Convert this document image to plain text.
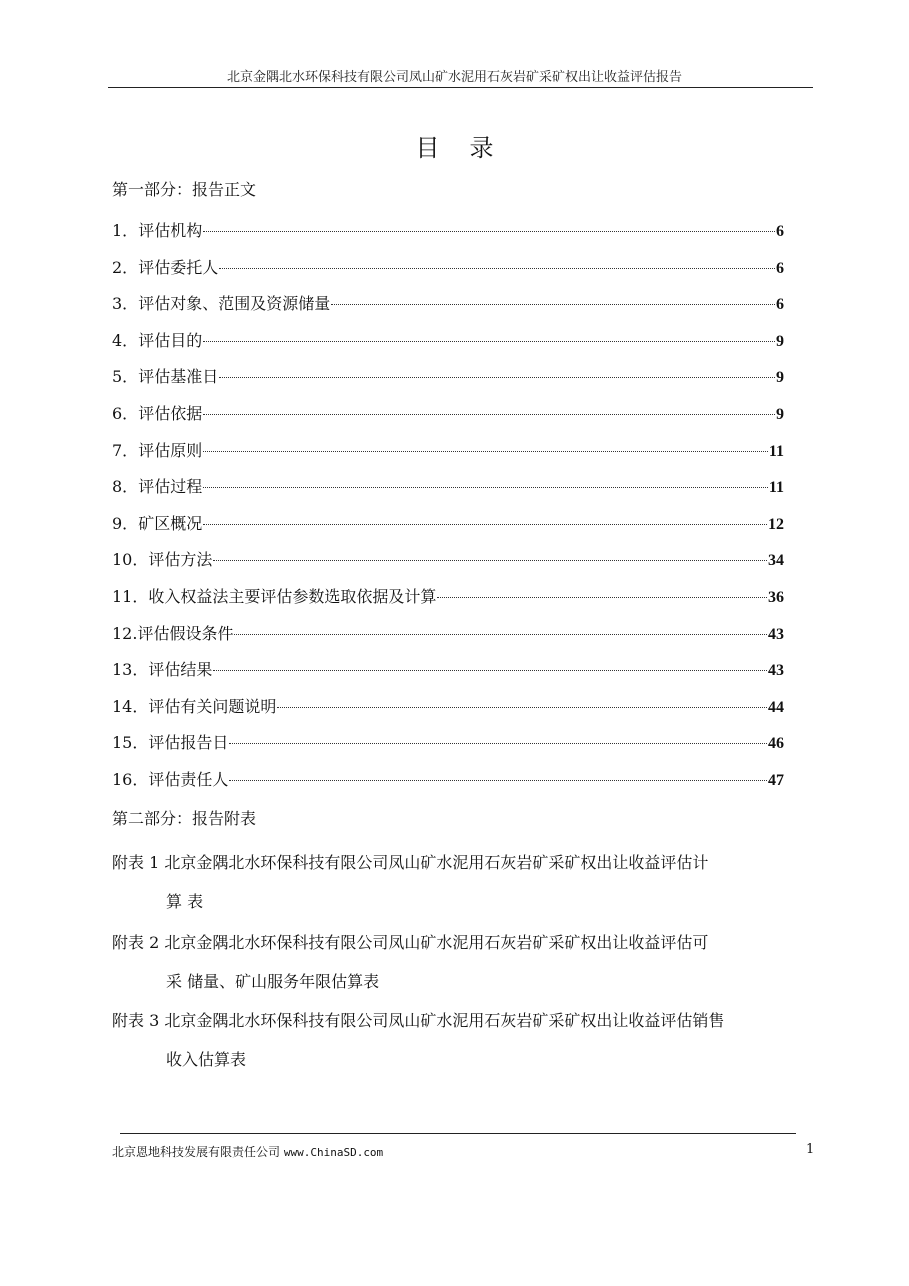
北京金隅北水环保科技有限公司凤山矿水泥用石灰岩矿采矿权出让收益评估报告
目录
第一部分：报告正文
1． 评估机构	6
2． 评估委托人	6
3． 评估对象、范围及资源储量	6
4． 评估目的	9
5． 评估基准日	9
6． 评估依据	9
7． 评估原则	11
8． 评估过程	11
9． 矿区概况	12
10． 评估方法	34
11． 收入权益法主要评估参数选取依据及计算	36
12. 评估假设条件	43
13． 评估结果	43
14． 评估有关问题说明	44
15． 评估报告日	46
16． 评估责任人	47
第二部分：报告附表
附表 1 北京金隅北水环保科技有限公司凤山矿水泥用石灰岩矿采矿权出让收益评估计
算 表
附表 2 北京金隅北水环保科技有限公司凤山矿水泥用石灰岩矿采矿权出让收益评估可
采 储量、矿山服务年限估算表
附表 3 北京金隅北水环保科技有限公司凤山矿水泥用石灰岩矿采矿权出让收益评估销售
收入估算表
北京恩地科技发展有限责任公司 www.ChinaSD.com	1
